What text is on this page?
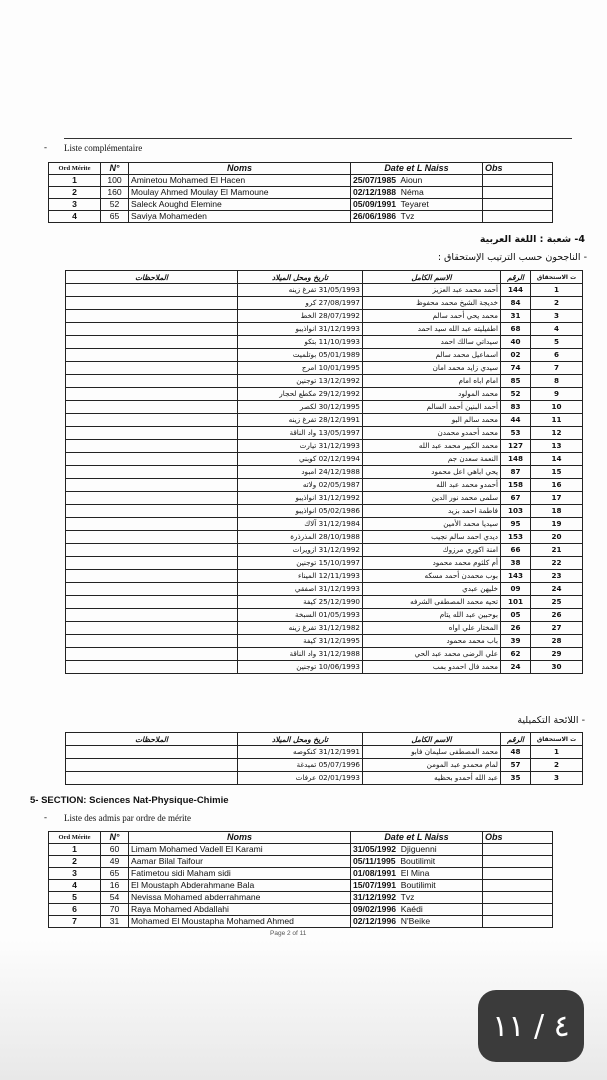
- Liste complémentaire
Ord Mérite	N°	Noms	Date et L Naiss	Obs
1	100	Aminetou Mohamed El Hacen	25/07/1985 Aioun	
2	160	Moulay Ahmed Moulay El Mamoune	02/12/1988 Néma	
3	52	Saleck Aoughd Elemine	05/09/1991 Teyaret	
4	65	Saviya Mohameden	26/06/1986 Tvz	
4- شعبة : اللغة العربية
- الناجحون حسب الترتيب الإستحقاق :
ت الاستحقاق	الرقم	الاسم الكامل	تاريخ ومحل الميلاد	الملاحظات
1	144	أحمد محمد عبد العزيز	31/05/1993 تفرغ زينه	
2	84	خديجة الشيخ محمد محفوظ	27/08/1997 كرو	
3	31	محمد يحي أحمد سالم	28/07/1992 الخط	
4	68	اطفيليته عبد الله سيد احمد	31/12/1993 انواذيبو	
5	40	سيداتي سالك احمد	11/10/1993 بتكو	
6	02	اسماعيل محمد سالم	05/01/1989 بوتلميت	
7	74	سيدي زايد محمد امان	10/01/1995 امرج	
8	85	امام اباه امام	13/12/1992 توجنين	
9	52	محمد المولود	29/12/1992 مكطع لحجار	
10	83	أحمد البنين أحمد السالم	30/12/1995 لكصر	
11	44	محمد سالم البو	28/12/1991 تفرغ زينه	
12	53	محمد أحمدو محمدن	13/05/1997 واد الناقة	
13	127	محمد الكبير محمد عبد الله	31/12/1993 تيارت	
14	148	النعمة سعدن جم	02/12/1994 كوبني	
15	87	يحي اباهي اعل محمود	24/12/1988 امبود	
16	158	أحمدو محمد عبد الله	02/05/1987 ولاته	
17	67	سلمى محمد نور الدين	31/12/1992 انواذيبو	
18	103	فاطمة احمد بزيد	05/02/1986 انواذيبو	
19	95	سيديا محمد الأمين	31/12/1984 آلاك	
20	153	ديدي احمد سالم نجيب	28/10/1988 المذرذرة	
21	66	امنة اكوري مرزوك	31/12/1992 ازويرات	
22	38	أم كلثوم محمد محمود	15/10/1997 توجنين	
23	143	بوب محمدن أحمد مسكه	12/11/1993 الميناء	
24	09	خليهن عبدي	31/12/1993 اصفقي	
25	101	تحيه محمد المصطفى الشرفه	25/12/1990 كيفة	
26	05	بوحبين عبد الله يتام	01/05/1993 السبخة	
27	26	المختار علي اواه	31/12/1982 تفرغ زينه	
28	39	باب محمد محمود	31/12/1995 كيفة	
29	62	علي الرضى محمد عبد الحي	31/12/1988 واد الناقة	
30	24	محمد فال احمدو بمب	10/06/1993 توجنين	
- اللائحة التكميلية
ت الاستحقاق	الرقم	الاسم الكامل	تاريخ ومحل الميلاد	الملاحظات
1	48	محمد المصطفى سليمان فابو	31/12/1991 كنكوصه	
2	57	لمام محمدو عبد المومن	05/07/1996 تميدغة	
3	35	عبد الله أحمدو بحظيه	02/01/1993 عرفات	
5- SECTION: Sciences Nat-Physique-Chimie
- Liste des admis par ordre de mérite
Ord Mérite	N°	Noms	Date et L Naiss	Obs
1	60	Limam Mohamed Vadell El Karami	31/05/1992 Djiguenni	
2	49	Aamar Bilal Taifour	05/11/1995 Boutilimit	
3	65	Fatimetou sidi Maham sidi	01/08/1991 El Mina	
4	16	El Moustaph Abderahmane Bala	15/07/1991 Boutilimit	
5	54	Nevissa Mohamed abderrahmane	31/12/1992 Tvz	
6	70	Raya Mohamed Abdallahi	09/02/1996 Kaédi	
7	31	Mohamed El Moustapha Mohamed Ahmed	02/12/1996 N'Beike	
Page 2 of 11
٤ / ١١
